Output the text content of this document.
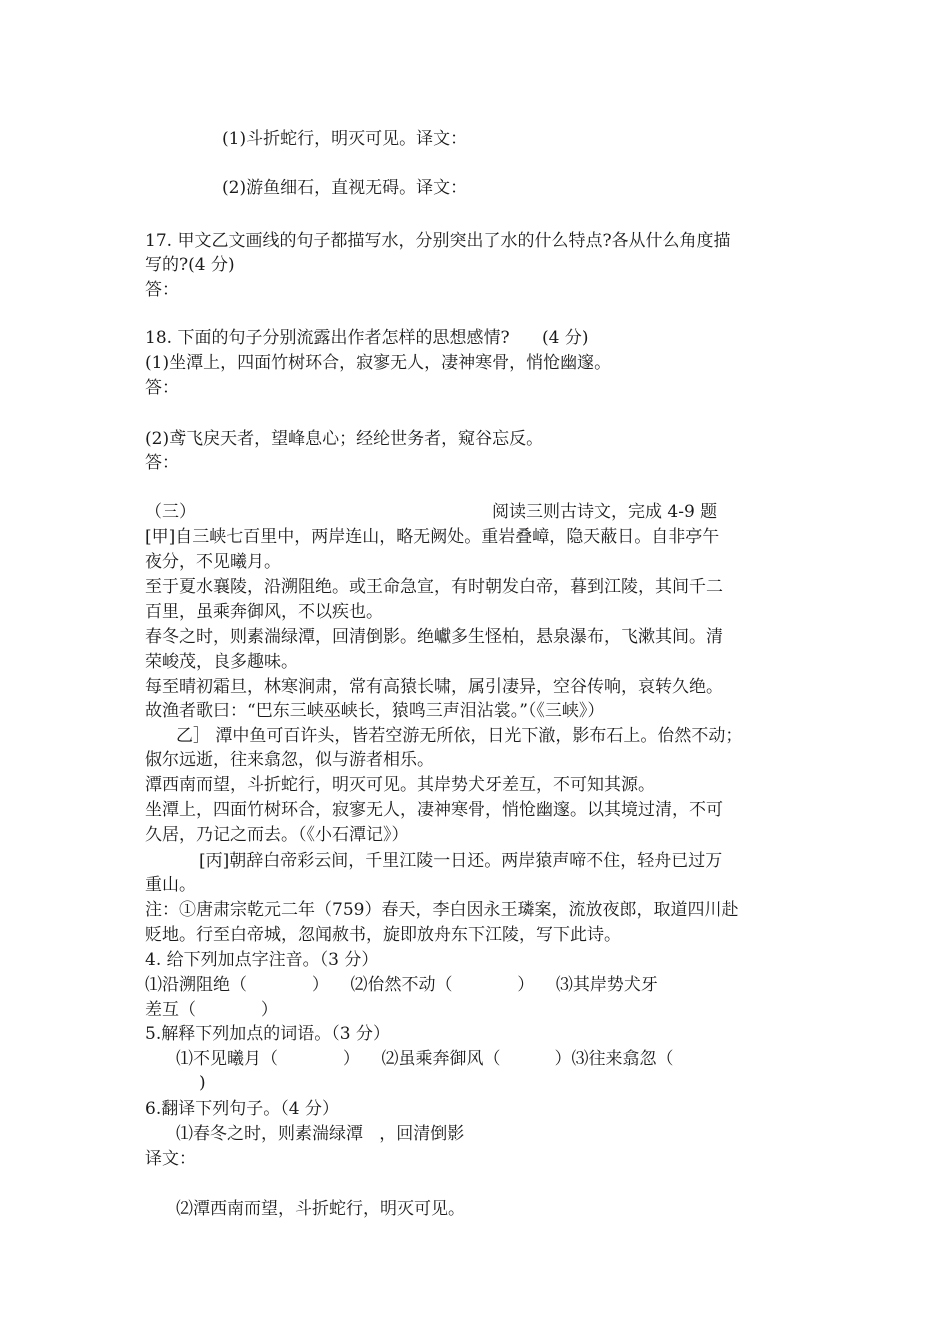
(1)斗折蛇行，明灭可见。译文：
(2)游鱼细石，直视无碍。译文：
17. 甲文乙文画线的句子都描写水，分别突出了水的什么特点?各从什么角度描
写的?(4 分)
答：
18. 下面的句子分别流露出作者怎样的思想感情?      (4 分)
(1)坐潭上，四面竹树环合，寂寥无人，凄神寒骨，悄怆幽邃。
答：
(2)鸢飞戾天者，望峰息心；经纶世务者，窥谷忘反。
答：
（三）	阅读三则古诗文，完成 4-9 题
[甲]自三峡七百里中，两岸连山，略无阙处。重岩叠嶂，隐天蔽日。自非亭午
夜分，不见曦月。
至于夏水襄陵，沿溯阻绝。或王命急宣，有时朝发白帝，暮到江陵，其间千二
百里，虽乘奔御风，不以疾也。
春冬之时，则素湍绿潭，回清倒影。绝巘多生怪柏，悬泉瀑布，飞漱其间。清
荣峻茂，良多趣味。
每至晴初霜旦，林寒涧肃，常有高猿长啸，属引凄异，空谷传响，哀转久绝。
故渔者歌曰：“巴东三峡巫峡长，猿鸣三声泪沾裳。”（《三峡》）
乙］ 潭中鱼可百许头，皆若空游无所依，日光下澈，影布石上。佁然不动；
俶尔远逝，往来翕忽，似与游者相乐。
潭西南而望，斗折蛇行，明灭可见。其岸势犬牙差互，不可知其源。
坐潭上，四面竹树环合，寂寥无人，凄神寒骨，悄怆幽邃。以其境过清，不可
久居，乃记之而去。（《小石潭记》）
[丙]朝辞白帝彩云间，千里江陵一日还。两岸猿声啼不住，轻舟已过万
重山。
注：①唐肃宗乾元二年（759）春天，李白因永王璘案，流放夜郎，取道四川赴
贬地。行至白帝城，忽闻赦书，旋即放舟东下江陵，写下此诗。
4. 给下列加点字注音。（3 分）
⑴沿溯阻绝（            ）    ⑵佁然不动（            ）    ⑶其岸势犬牙
差互（            ）
5.解释下列加点的词语。（3 分）
⑴不见曦月（            ）    ⑵虽乘奔御风（          ）⑶往来翕忽（
)
6.翻译下列句子。（4 分）
⑴春冬之时，则素湍绿潭   ，回清倒影
译文：
⑵潭西南而望，斗折蛇行，明灭可见。
